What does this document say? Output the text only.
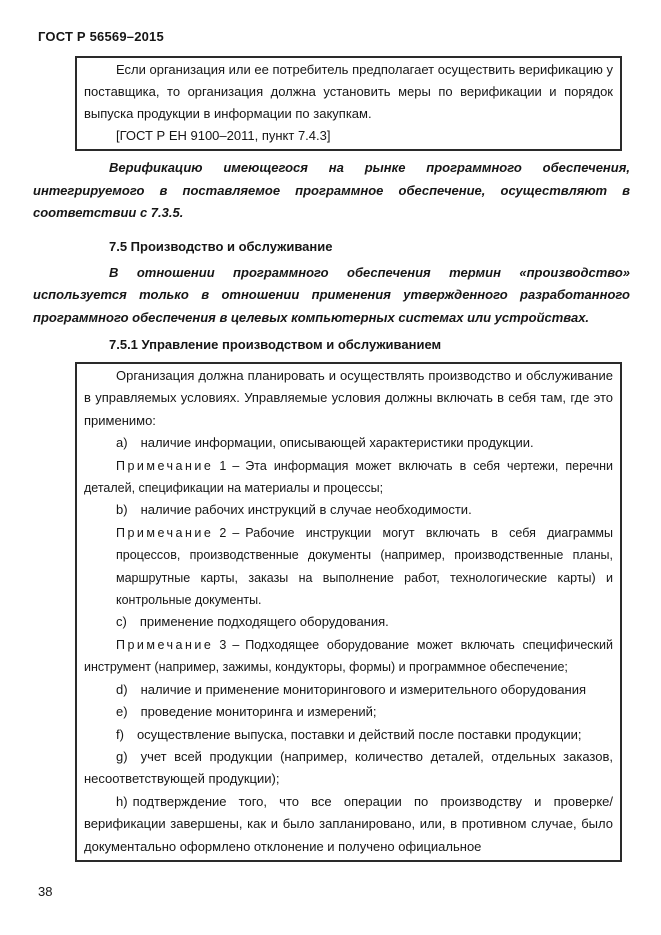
ГОСТ Р 56569–2015

Если организация или ее потребитель предполагает осуществить верификацию у поставщика, то организация должна установить меры по верификации и порядок выпуска продукции в информации по закупкам.

[ГОСТ Р ЕН 9100–2011, пункт 7.4.3]

Верификацию имеющегося на рынке программного обеспечения, интегрируемого в поставляемое программное обеспечение, осуществляют в соответствии с 7.3.5.

7.5 Производство и обслуживание

В отношении программного обеспечения термин «производство» используется только в отношении применения утвержденного разработанного программного обеспечения в целевых компьютерных системах или устройствах.

7.5.1 Управление производством и обслуживанием

Организация должна планировать и осуществлять производство и обслуживание в управляемых условиях. Управляемые условия должны включать в себя там, где это применимо:

a) наличие информации, описывающей характеристики продукции.

Примечание 1 – Эта информация может включать в себя чертежи, перечни деталей, спецификации на материалы и процессы;

b) наличие рабочих инструкций в случае необходимости.

Примечание 2 – Рабочие инструкции могут включать в себя диаграммы процессов, производственные документы (например, производственные планы, маршрутные карты, заказы на выполнение работ, технологические карты) и контрольные документы.

c) применение подходящего оборудования.

Примечание 3 – Подходящее оборудование может включать специфический инструмент (например, зажимы, кондукторы, формы) и программное обеспечение;

d) наличие и применение мониторингового и измерительного оборудования

e) проведение мониторинга и измерений;

f) осуществление выпуска, поставки и действий после поставки продукции;

g) учет всей продукции (например, количество деталей, отдельных заказов, несоответствующей продукции);

h) подтверждение того, что все операции по производству и проверке/верификации завершены, как и было запланировано, или, в противном случае, было документально оформлено отклонение и получено официальное

38
